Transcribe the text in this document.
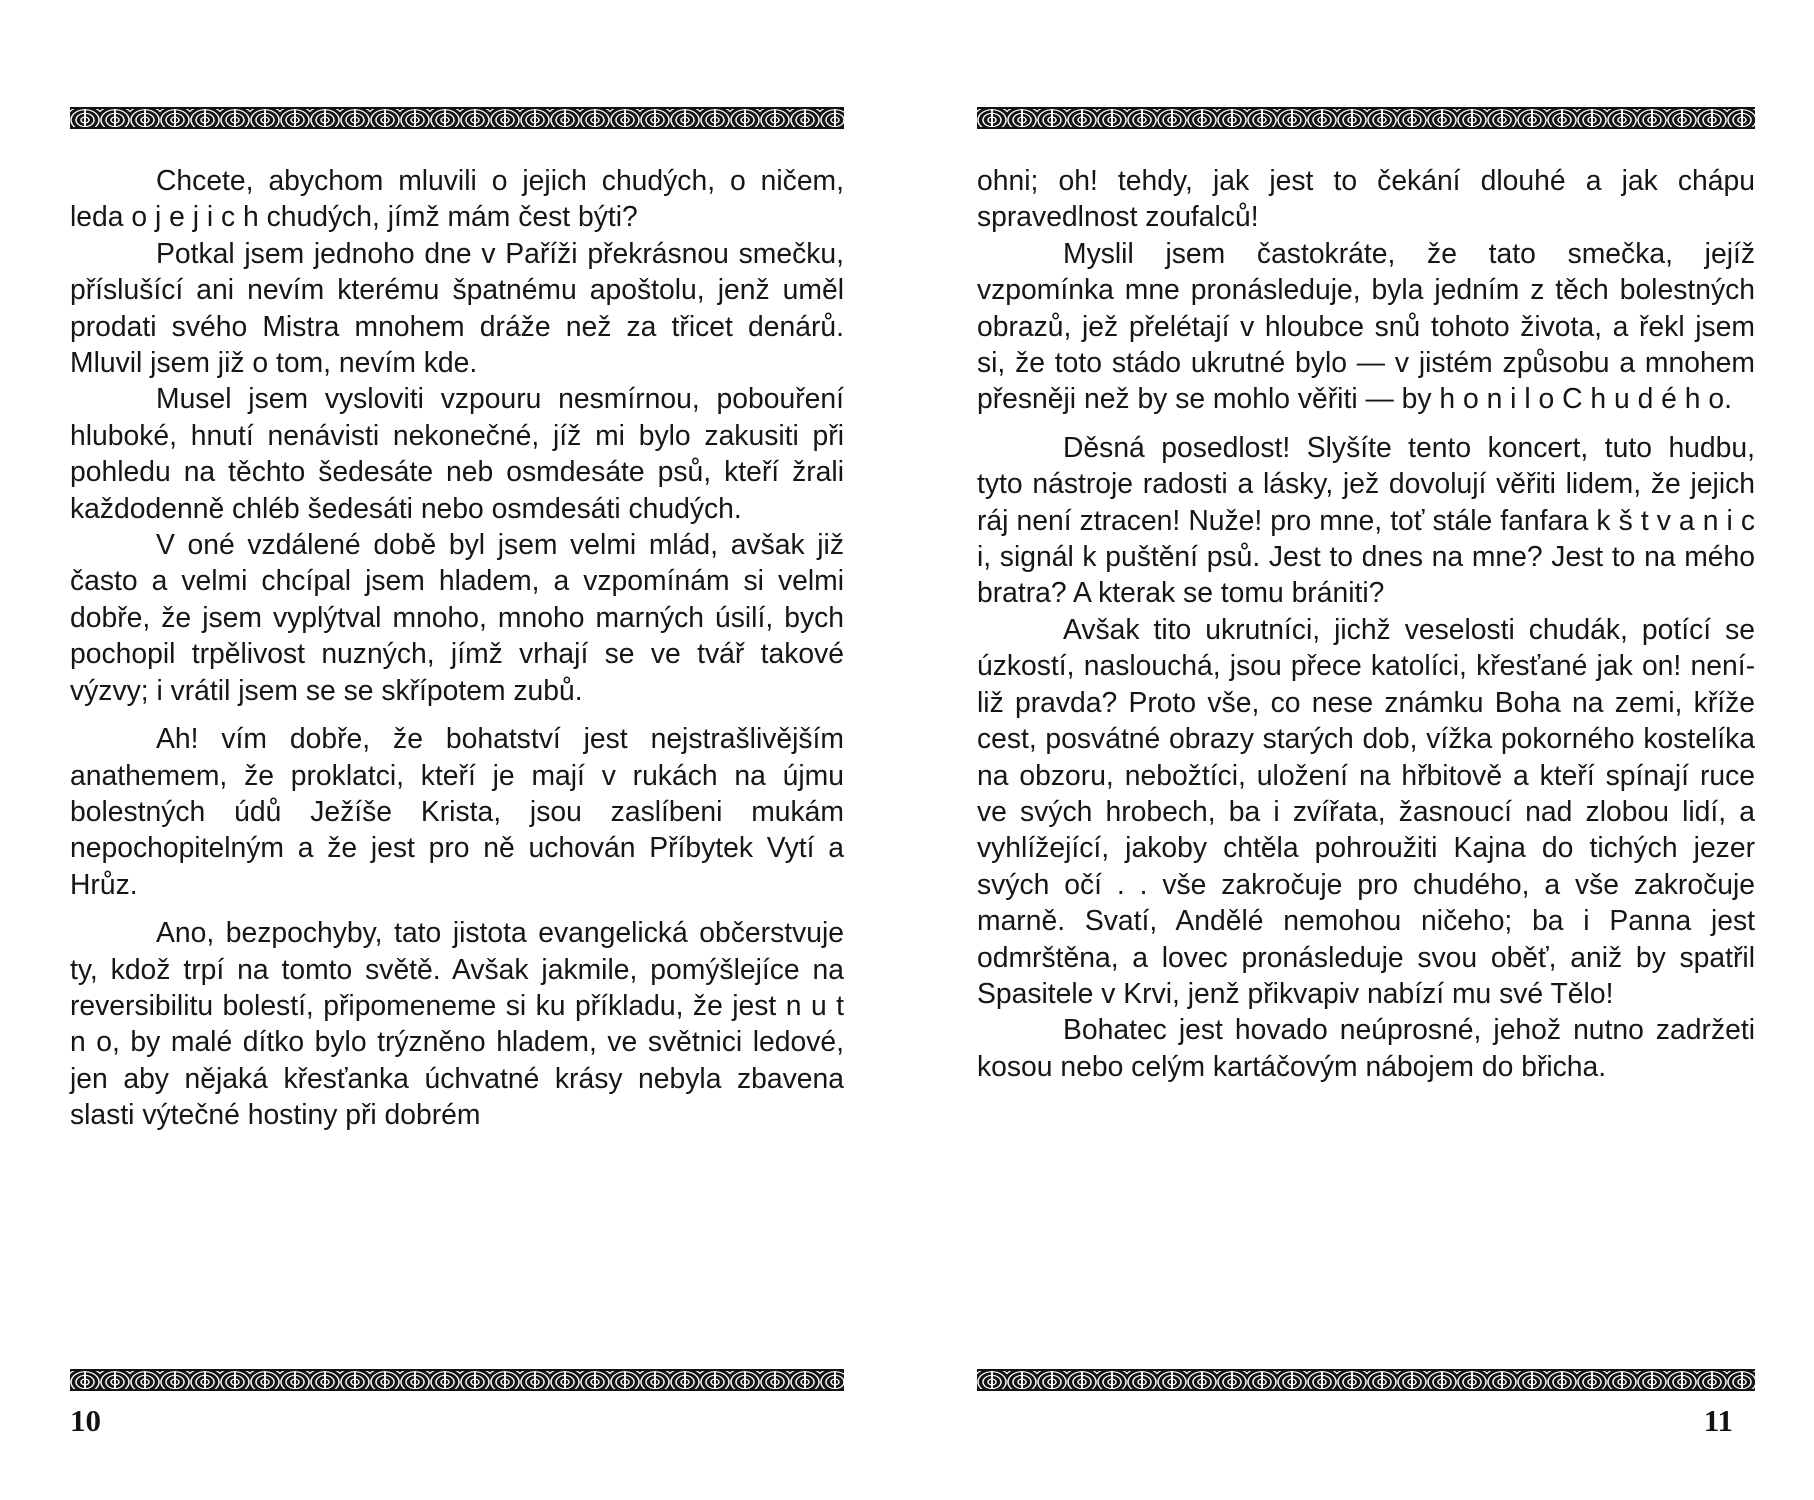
Chcete, abychom mluvili o jejich chudých, o ničem, leda o j e j i c h chudých, jímž mám čest býti?

Potkal jsem jednoho dne v Paříži překrásnou smečku, příslušící ani nevím kterému špatnému apoštolu, jenž uměl prodati svého Mistra mnohem dráže než za třicet denárů. Mluvil jsem již o tom, nevím kde.

Musel jsem vysloviti vzpouru nesmírnou, pobouření hluboké, hnutí nenávisti nekonečné, jíž mi bylo zakusiti při pohledu na těchto šedesáte neb osmdesáte psů, kteří žrali každodenně chléb šedesáti nebo osmdesáti chudých.

V oné vzdálené době byl jsem velmi mlád, avšak již často a velmi chcípal jsem hladem, a vzpomínám si velmi dobře, že jsem vyplýtval mnoho, mnoho marných úsilí, bych pochopil trpělivost nuzných, jímž vrhají se ve tvář takové výzvy; i vrátil jsem se se skřípotem zubů.

Ah! vím dobře, že bohatství jest nejstrašlivějším anathemem, že proklatci, kteří je mají v rukách na újmu bolestných údů Ježíše Krista, jsou zaslíbeni mukám nepochopitelným a že jest pro ně uchován Příbytek Vytí a Hrůz.

Ano, bezpochyby, tato jistota evangelická občerstvuje ty, kdož trpí na tomto světě. Avšak jakmile, pomýšlejíce na reversibilitu bolestí, připomeneme si ku příkladu, že jest n u t n o, by malé dítko bylo trýzněno hladem, ve světnici ledové, jen aby nějaká křesťanka úchvatné krásy nebyla zbavena slasti výtečné hostiny při dobrém

10

ohni; oh! tehdy, jak jest to čekání dlouhé a jak chápu spravedlnost zoufalců!

Myslil jsem častokráte, že tato smečka, jejíž vzpomínka mne pronásleduje, byla jedním z těch bolestných obrazů, jež přelétají v hloubce snů tohoto života, a řekl jsem si, že toto stádo ukrutné bylo — v jistém způsobu a mnohem přesněji než by se mohlo věřiti — by h o n i l o C h u d é h o.

Děsná posedlost! Slyšíte tento koncert, tuto hudbu, tyto nástroje radosti a lásky, jež dovolují věřiti lidem, že jejich ráj není ztracen! Nuže! pro mne, toť stále fanfara k š t v a n i c i, signál k puštění psů. Jest to dnes na mne? Jest to na mého bratra? A kterak se tomu brániti?

Avšak tito ukrutníci, jichž veselosti chudák, potící se úzkostí, naslouchá, jsou přece katolíci, křesťané jak on! není-liž pravda? Proto vše, co nese známku Boha na zemi, kříže cest, posvátné obrazy starých dob, vížka pokorného kostelíka na obzoru, nebožtíci, uložení na hřbitově a kteří spínají ruce ve svých hrobech, ba i zvířata, žasnoucí nad zlobou lidí, a vyhlížející, jakoby chtěla pohroužiti Kajna do tichých jezer svých očí . . vše zakročuje pro chudého, a vše zakročuje marně. Svatí, Andělé nemohou ničeho; ba i Panna jest odmrštěna, a lovec pronásleduje svou oběť, aniž by spatřil Spasitele v Krvi, jenž přikvapiv nabízí mu své Tělo!

Bohatec jest hovado neúprosné, jehož nutno zadržeti kosou nebo celým kartáčovým nábojem do břicha.

11
